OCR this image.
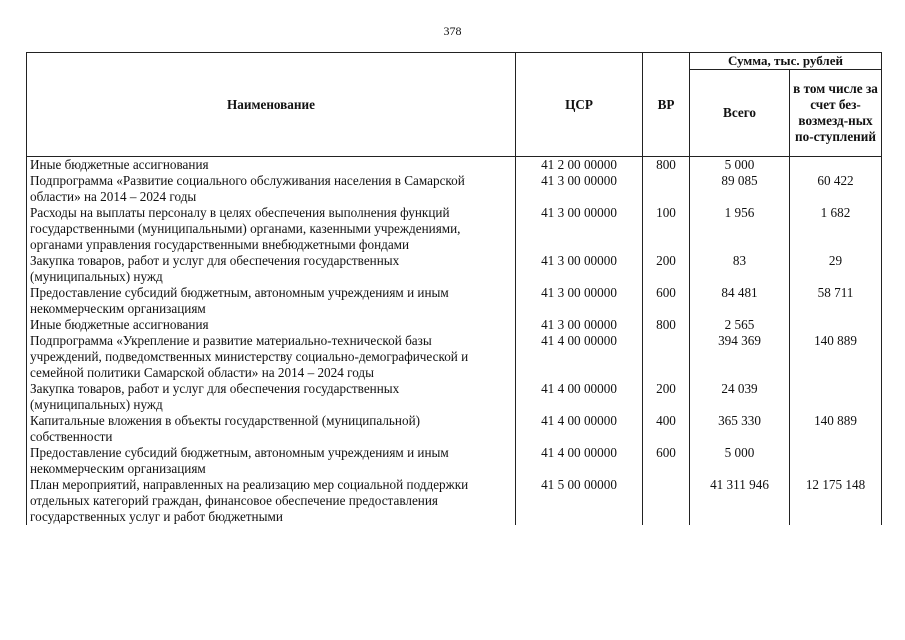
378
Наименование	ЦСР	ВР	Сумма, тыс. рублей	
			Всего	в том числе за счет без-возмезд-ных по-ступлений
Иные бюджетные ассигнования	41 2 00 00000	800	5 000	
Подпрограмма «Развитие социального обслуживания населения в Самарской области» на 2014 – 2024 годы	41 3 00 00000		89 085	60 422
Расходы на выплаты персоналу в целях обеспечения выполнения функций государственными (муниципальными) органами, казенными учреждениями, органами управления государственными внебюджетными фондами	41 3 00 00000	100	1 956	1 682
Закупка товаров, работ и услуг для обеспечения государственных (муниципальных) нужд	41 3 00 00000	200	83	29
Предоставление субсидий бюджетным, автономным учреждениям и иным некоммерческим организациям	41 3 00 00000	600	84 481	58 711
Иные бюджетные ассигнования	41 3 00 00000	800	2 565	
Подпрограмма «Укрепление и развитие материально-технической базы учреждений, подведомственных министерству социально-демографической и семейной политики Самарской области» на 2014 – 2024 годы	41 4 00 00000		394 369	140 889
Закупка товаров, работ и услуг для обеспечения государственных (муниципальных) нужд	41 4 00 00000	200	24 039	
Капитальные вложения в объекты государственной (муниципальной) собственности	41 4 00 00000	400	365 330	140 889
Предоставление субсидий бюджетным, автономным учреждениям и иным некоммерческим организациям	41 4 00 00000	600	5 000	
План мероприятий, направленных на реализацию мер социальной поддержки отдельных категорий граждан, финансовое обеспечение предоставления государственных услуг и работ бюджетными	41 5 00 00000		41 311 946	12 175 148
